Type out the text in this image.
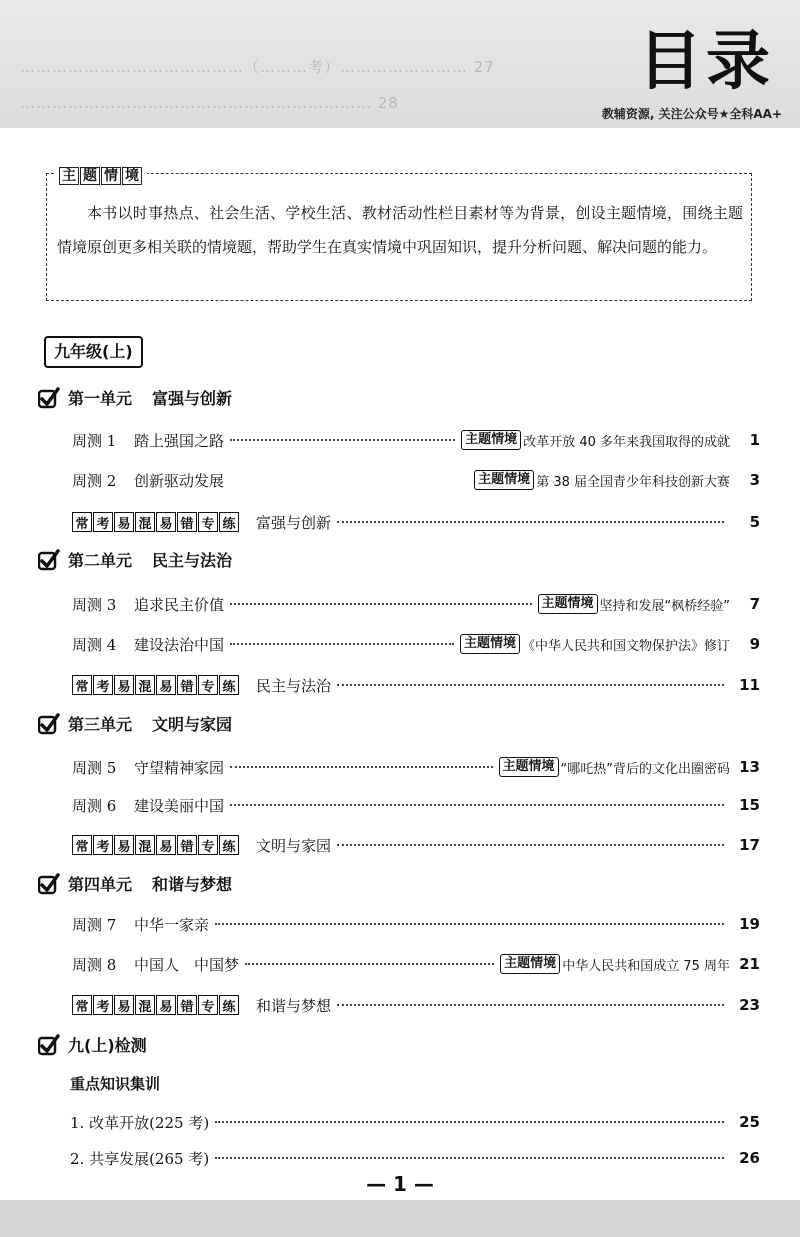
……………………………………（………考）…………………… 27
………………………………………………………… 28
目录
教辅资源, 关注公众号★全科AA+
主 题 情 境
本书以时事热点、社会生活、学校生活、教材活动性栏目素材等为背景，创设主题情境，围绕主题情境原创更多相关联的情境题，帮助学生在真实情境中巩固知识，提升分析问题、解决问题的能力。
九年级(上)
第一单元 富强与创新
周测 1	踏上强国之路	主题情境 改革开放 40 多年来我国取得的成就	1
周测 2	创新驱动发展	主题情境 第 38 届全国青少年科技创新大赛	3
常 考 易 混 易 错 专 练 富强与创新	5
第二单元 民主与法治
周测 3	追求民主价值	主题情境 坚持和发展“枫桥经验”	7
周测 4	建设法治中国	主题情境 《中华人民共和国文物保护法》修订	9
常 考 易 混 易 错 专 练 民主与法治	11
第三单元 文明与家园
周测 5	守望精神家园	主题情境 “哪吒热”背后的文化出圈密码 13
周测 6	建设美丽中国	15
常 考 易 混 易 错 专 练 文明与家园	17
第四单元 和谐与梦想
周测 7	中华一家亲	19
周测 8	中国人　中国梦	主题情境 中华人民共和国成立 75 周年 21
常 考 易 混 易 错 专 练 和谐与梦想	23
九(上)检测
重点知识集训
1. 改革开放(225 考)	25
2. 共享发展(265 考)	26
— 1 —
